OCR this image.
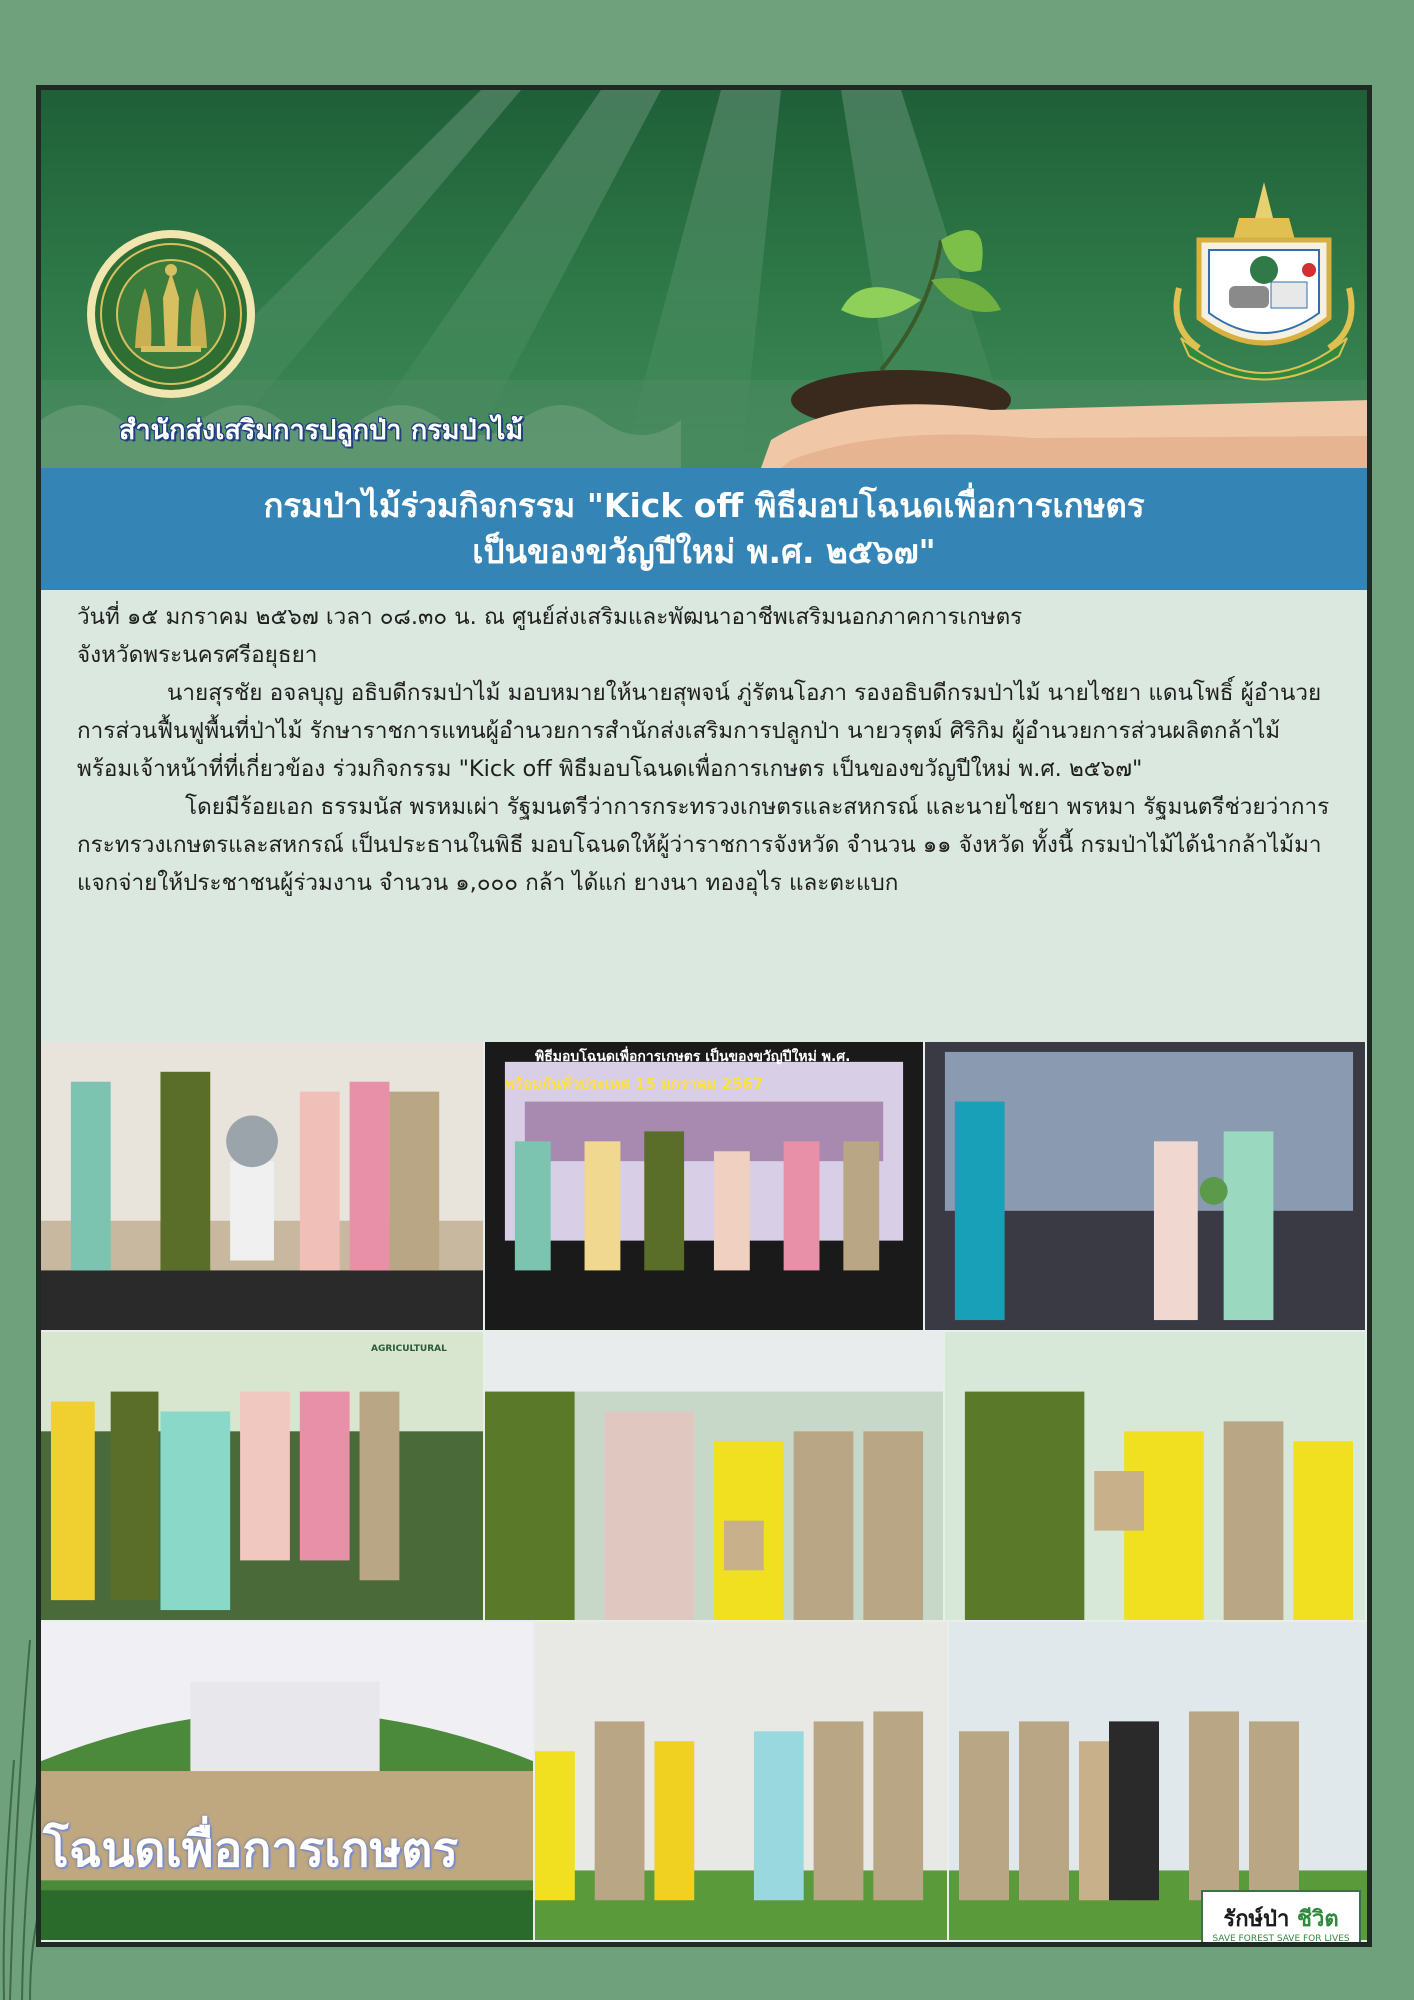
สำนักส่งเสริมการปลูกป่า กรมป่าไม้
กรมป่าไม้ร่วมกิจกรรม "Kick off พิธีมอบโฉนดเพื่อการเกษตร
เป็นของขวัญปีใหม่ พ.ศ. ๒๕๖๗"

วันที่ ๑๕ มกราคม ๒๕๖๗ เวลา ๐๘.๓๐ น. ณ ศูนย์ส่งเสริมและพัฒนาอาชีพเสริมนอกภาคการเกษตร

จังหวัดพระนครศรีอยุธยา

นายสุรชัย อจลบุญ อธิบดีกรมป่าไม้ มอบหมายให้นายสุพจน์ ภู่รัตนโอภา รองอธิบดีกรมป่าไม้ นายไชยา แดนโพธิ์ ผู้อำนวยการส่วนฟื้นฟูพื้นที่ป่าไม้ รักษาราชการแทนผู้อำนวยการสำนักส่งเสริมการปลูกป่า นายวรุตม์ ศิริกิม ผู้อำนวยการส่วนผลิตกล้าไม้ พร้อมเจ้าหน้าที่ที่เกี่ยวข้อง ร่วมกิจกรรม "Kick off พิธีมอบโฉนดเพื่อการเกษตร เป็นของขวัญปีใหม่ พ.ศ. ๒๕๖๗"

โดยมีร้อยเอก ธรรมนัส พรหมเผ่า รัฐมนตรีว่าการกระทรวงเกษตรและสหกรณ์ และนายไชยา พรหมา รัฐมนตรีช่วยว่าการกระทรวงเกษตรและสหกรณ์ เป็นประธานในพิธี มอบโฉนดให้ผู้ว่าราชการจังหวัด จำนวน ๑๑ จังหวัด ทั้งนี้ กรมป่าไม้ได้นำกล้าไม้มาแจกจ่ายให้ประชาชนผู้ร่วมงาน จำนวน ๑,๐๐๐ กล้า ได้แก่ ยางนา ทองอุไร และตะแบก

พิธีมอบโฉนดเพื่อการเกษตร เป็นของขวัญปีใหม่ พ.ศ.
พร้อมกันทั่วประเทศ 15 มกราคม 2567
AGRICULTURAL
โฉนดเพื่อการเกษตร
รักษ์ป่า ชีวิต
SAVE FOREST SAVE FOR LIVES
